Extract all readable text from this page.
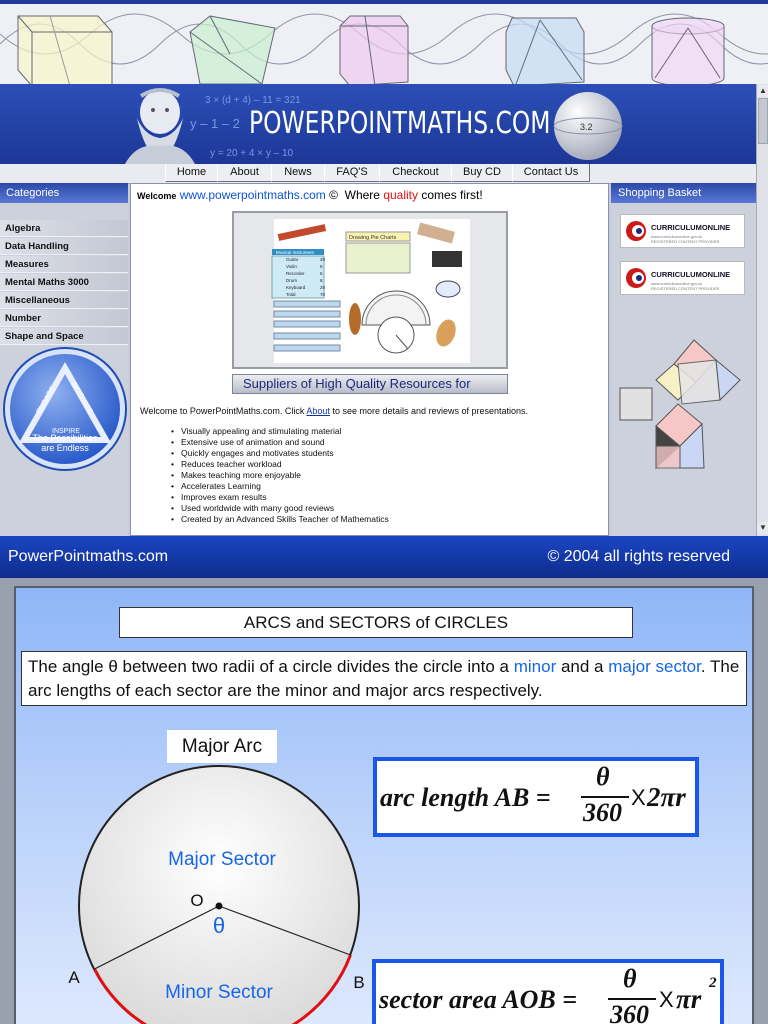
3 × (d + 4) – 11 = 321
y – 1 – 2
y = 20 + 4 × y – 10
POWERPOINTMATHS.COM	3.2
Home	About	News	FAQ'S	Checkout	Buy CD	Contact Us
Categories
Algebra
Data Handling
Measures
Mental Maths 3000
Miscellaneous
Number
Shape and Space
ENGAGE MOTIVATE
INSPIRE
The Possibilities
are Endless
Welcome www.powerpointmaths.com © Where quality comes first!
Drawing Pie Charts
Musical Instrument
Guitar	20
Violin	8
Recorder	6
Drum	8
Keyboard	25
Total	70
Suppliers of High Quality Resources for
Welcome to PowerPointMaths.com. Click About to see more details and reviews of presentations.
• Visually appealing and stimulating material
• Extensive use of animation and sound
• Quickly engages and motivates students
• Reduces teacher workload
• Makes teaching more enjoyable
• Accelerates Learning
• Improves exam results
• Used worldwide with many good reviews
• Created by an Advanced Skills Teacher of Mathematics
Shopping Basket
CURRICULUMONLINE
www.curriculumonline.gov.uk
REGISTERED CONTENT PROVIDER
CURRICULUMONLINE
www.curriculumonline.gov.uk
REGISTERED CONTENT PROVIDER
▲
▼
PowerPointmaths.com	© 2004 all rights reserved
ARCS and SECTORS of CIRCLES
The angle θ between two radii of a circle divides the circle into a minor and a major sector. The arc lengths of each sector are the minor and major arcs respectively.
Major Arc
Major Sector
O
θ
A	B
Minor Sector
arc length AB =
θ
360
X 2πr
sector area AOB =
θ
360
X πr
2
